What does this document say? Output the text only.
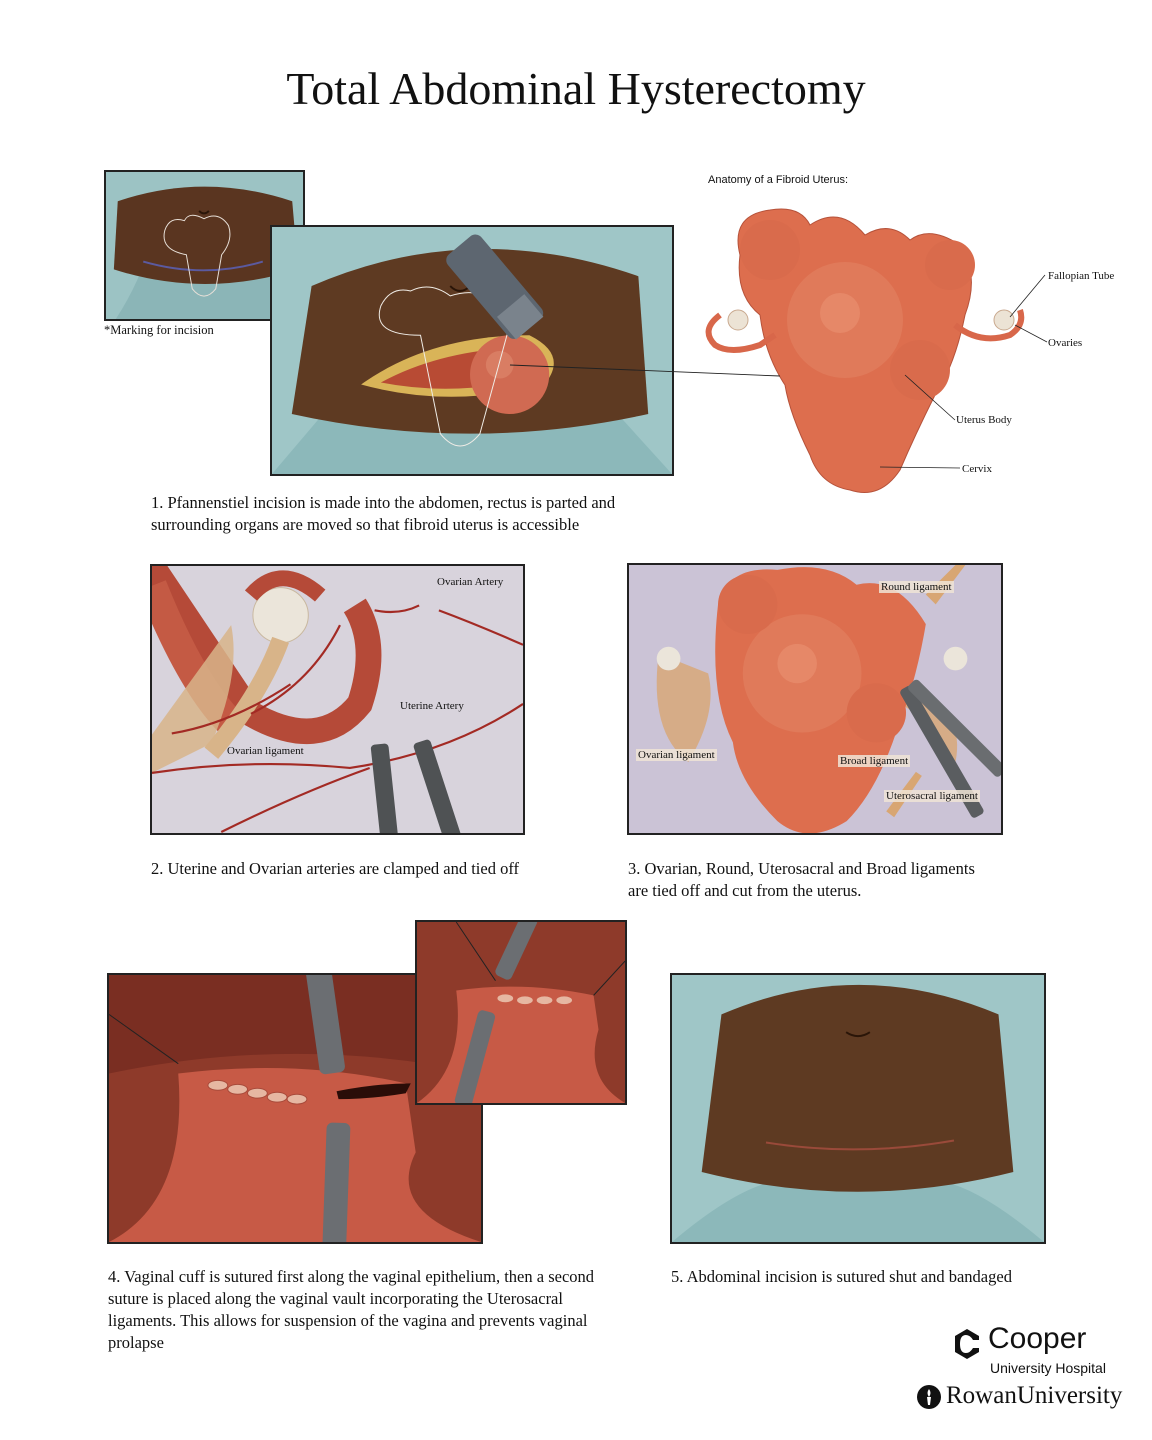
Total Abdominal Hysterectomy
*Marking for incision
Anatomy of a Fibroid Uterus:
Fallopian Tube
Ovaries
Uterus Body
Cervix
1. Pfannenstiel incision is made into the abdomen, rectus is parted and surrounding organs are moved so that fibroid uterus is accessible
Ovarian Artery
Uterine Artery
Ovarian ligament
2. Uterine and Ovarian arteries are clamped and tied off
Round ligament
Ovarian ligament	Broad ligament
Uterosacral ligament
3. Ovarian, Round, Uterosacral and Broad ligaments are tied off and cut from the uterus.
4. Vaginal cuff is sutured first along the vaginal epithelium, then a second suture is placed along the vaginal vault incorporating the Uterosacral ligaments. This allows for suspension of the vagina and prevents vaginal prolapse
5. Abdominal incision is sutured shut and bandaged
Cooper
University Hospital
RowanUniversity
